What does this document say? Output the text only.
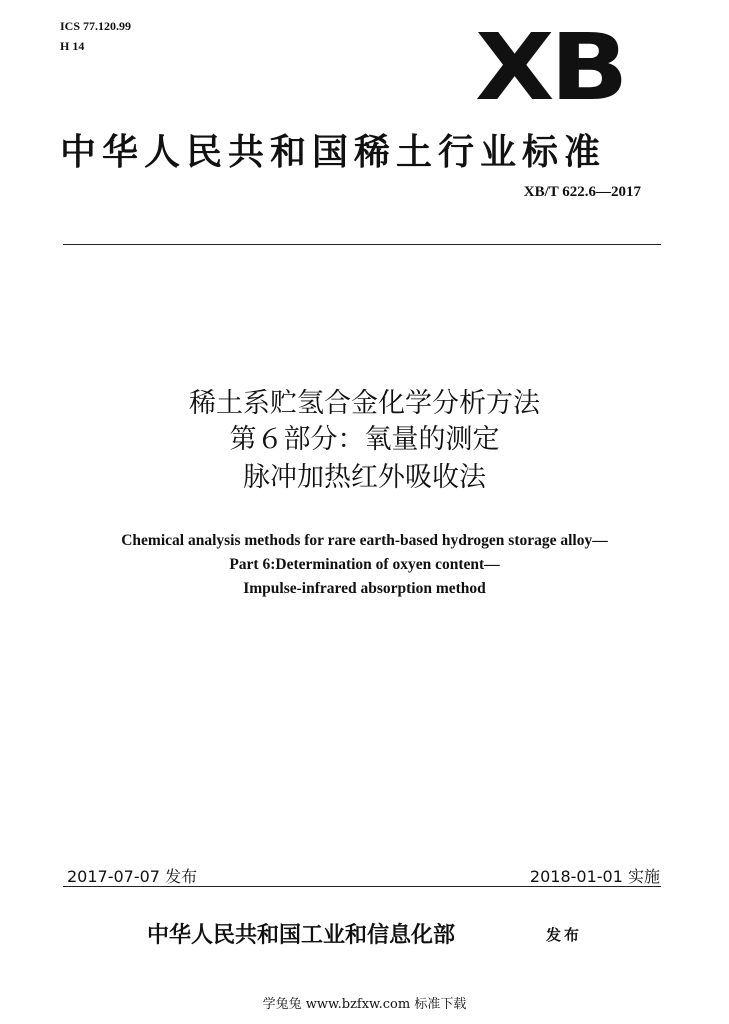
ICS 77.120.99
H 14	XB
中华人民共和国稀土行业标准
XB/T 622.6—2017
稀土系贮氢合金化学分析方法
第６部分：氧量的测定
脉冲加热红外吸收法
Chemical analysis methods for rare earth-based hydrogen storage alloy—
Part 6:Determination of oxyen content—
Impulse-infrared absorption method
2017-07-07 发布	2018-01-01 实施
中华人民共和国工业和信息化部	发布
学兔兔 www.bzfxw.com 标准下载
